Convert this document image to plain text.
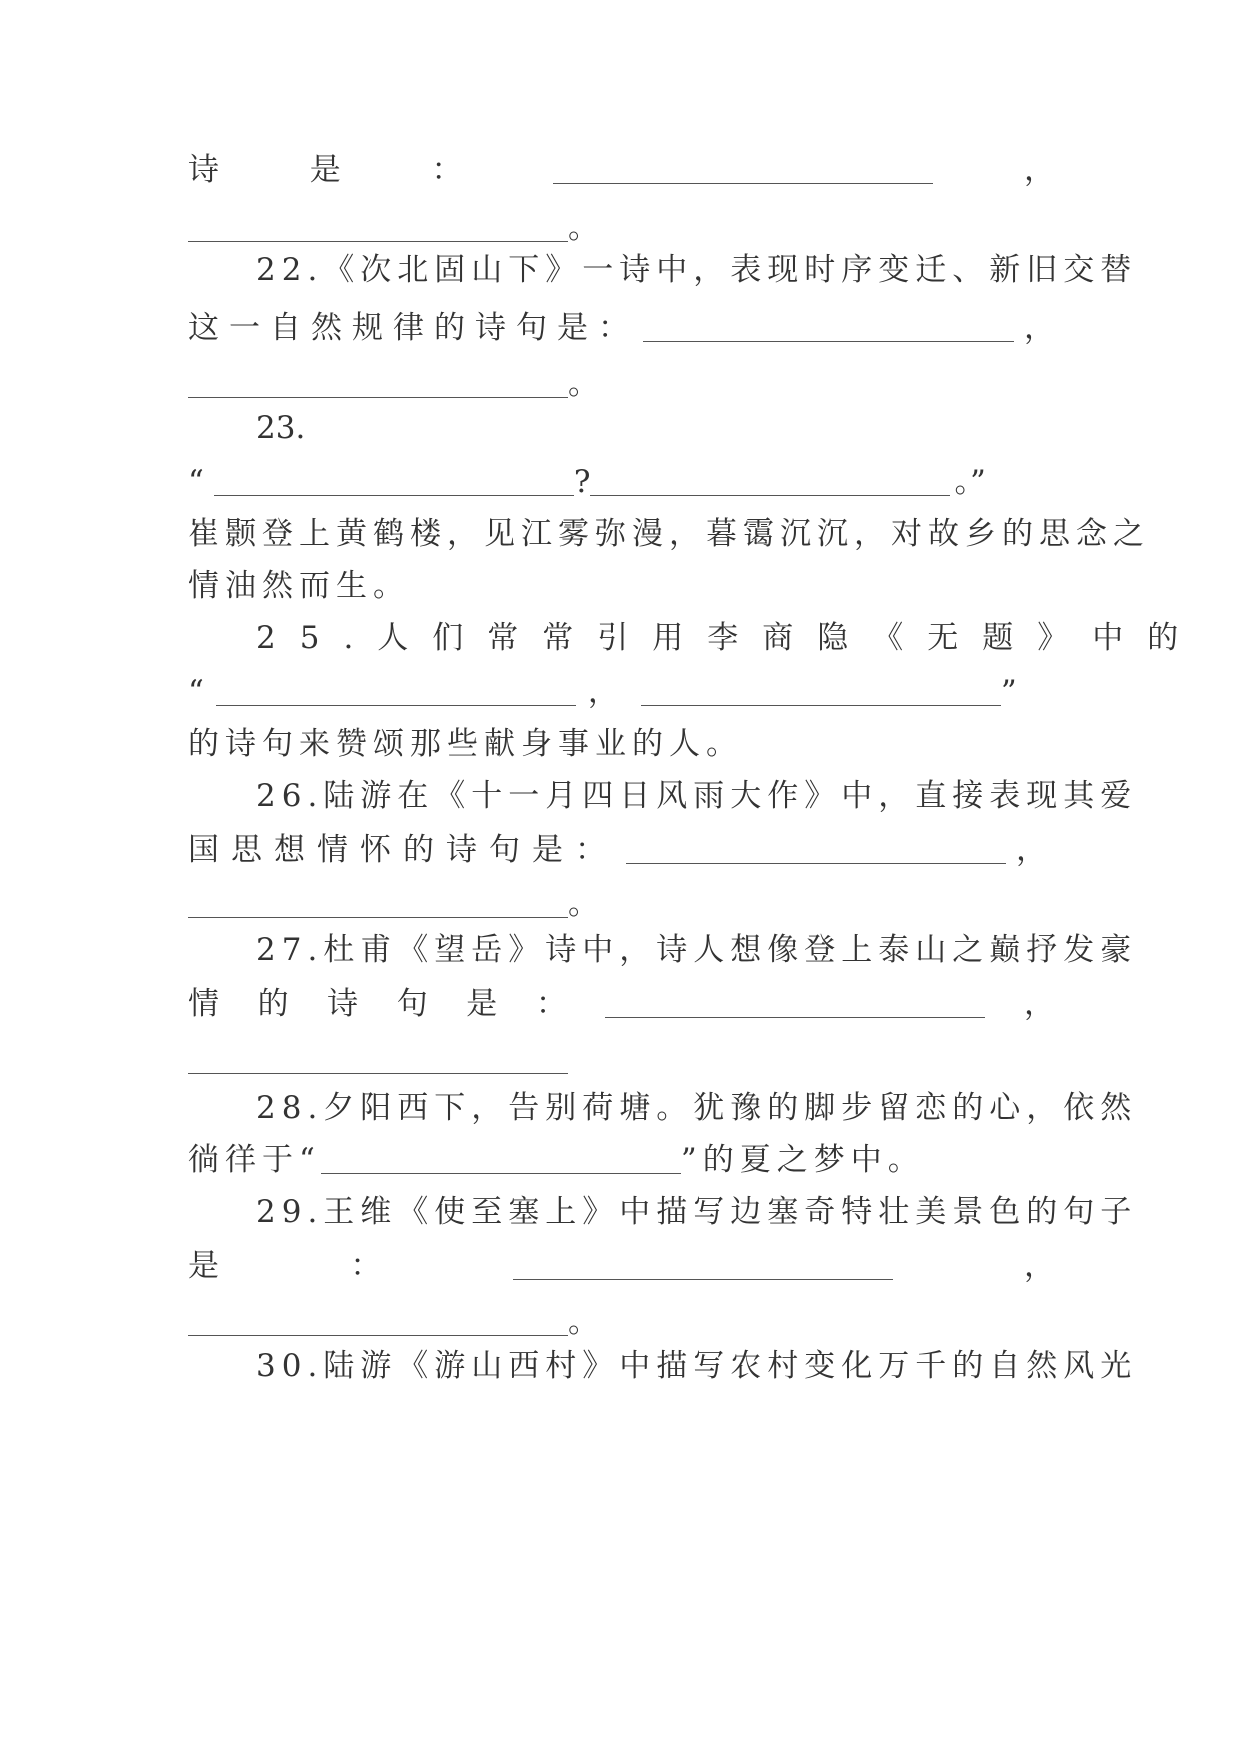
诗	是	：	，
。
22.《次北固山下》一诗中，表现时序变迁、新旧交替
这一自然规律的诗句是：	，
。
23.
“	?	。”
崔颢登上黄鹤楼，见江雾弥漫，暮霭沉沉，对故乡的思念之
情油然而生。
25.人们常常引用李商隐《无题》中的
“	，	”
的诗句来赞颂那些献身事业的人。
26.陆游在《十一月四日风雨大作》中，直接表现其爱
国思想情怀的诗句是：	，
。
27.杜甫《望岳》诗中，诗人想像登上泰山之巅抒发豪
情 的 诗 句 是 ：	，
28.夕阳西下，告别荷塘。犹豫的脚步留恋的心，依然
徜徉于“	”的夏之梦中。
29.王维《使至塞上》中描写边塞奇特壮美景色的句子
是	：	，
。
30.陆游《游山西村》中描写农村变化万千的自然风光
